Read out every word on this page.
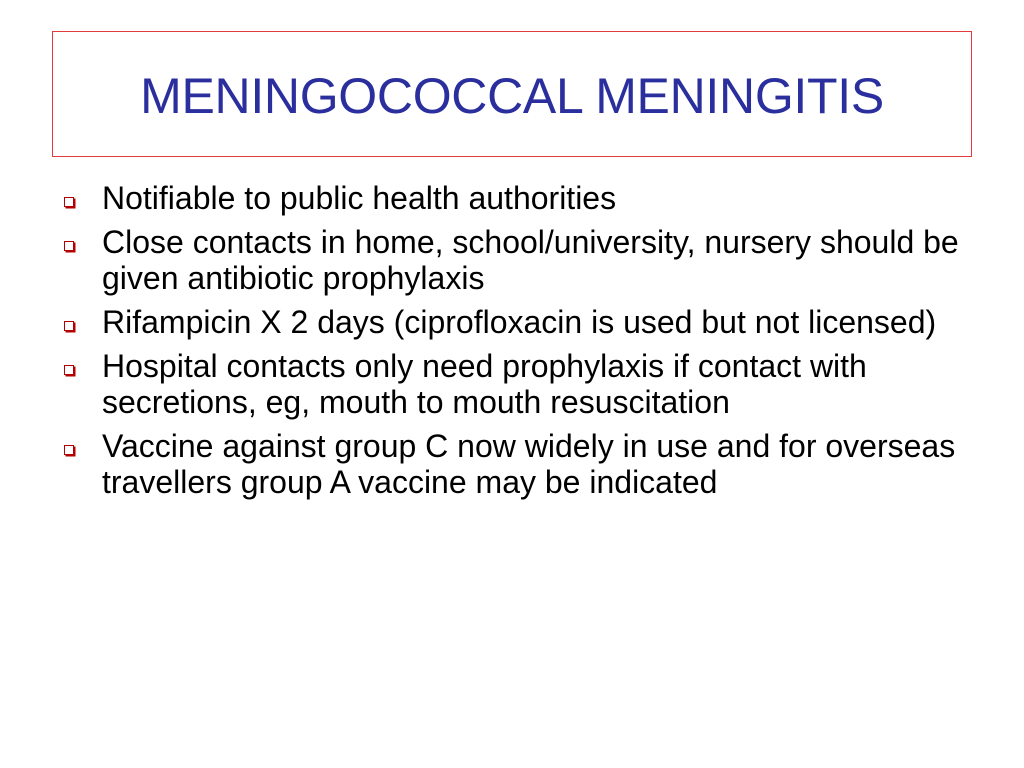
MENINGOCOCCAL MENINGITIS
Notifiable to public health authorities
Close contacts in home, school/university, nursery should be given antibiotic prophylaxis
Rifampicin X 2 days (ciprofloxacin is used but not licensed)
Hospital contacts only need prophylaxis if contact with secretions, eg, mouth to mouth resuscitation
Vaccine against group C now widely in use and for overseas travellers group A vaccine may be indicated
